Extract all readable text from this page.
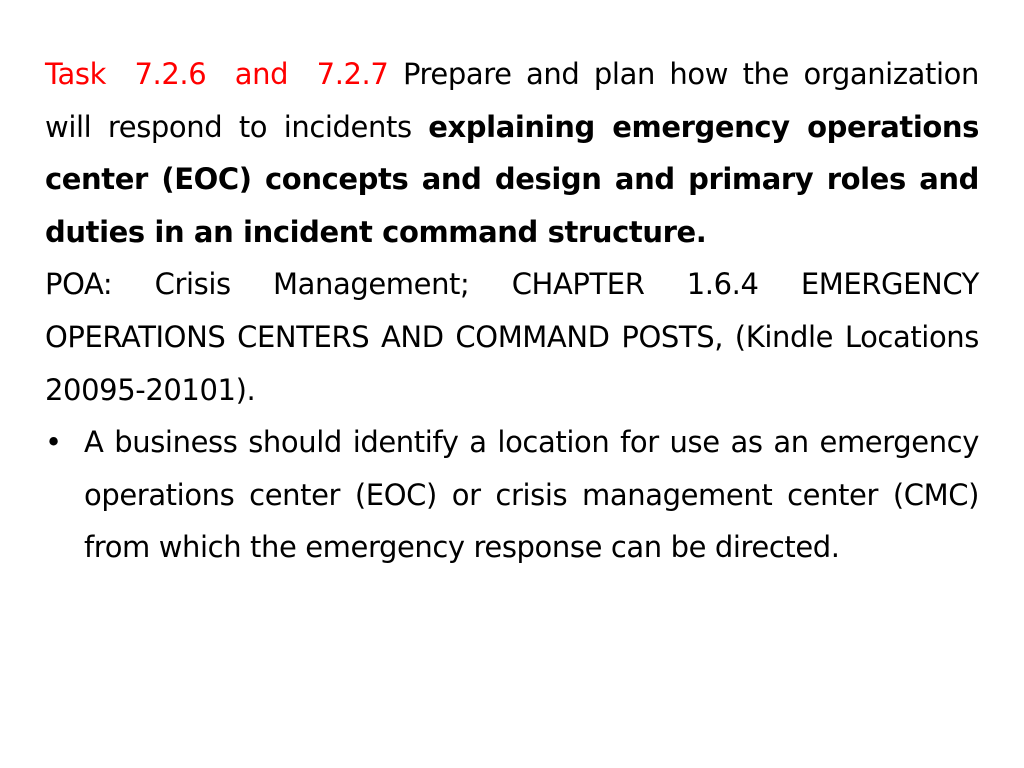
Task 7.2.6 and 7.2.7 Prepare and plan how the organization will respond to incidents explaining emergency operations center (EOC) concepts and design and primary roles and duties in an incident command structure.

POA: Crisis Management; CHAPTER 1.6.4 EMERGENCY OPERATIONS CENTERS AND COMMAND POSTS, (Kindle Locations 20095-20101).

• A business should identify a location for use as an emergency operations center (EOC) or crisis management center (CMC) from which the emergency response can be directed.
